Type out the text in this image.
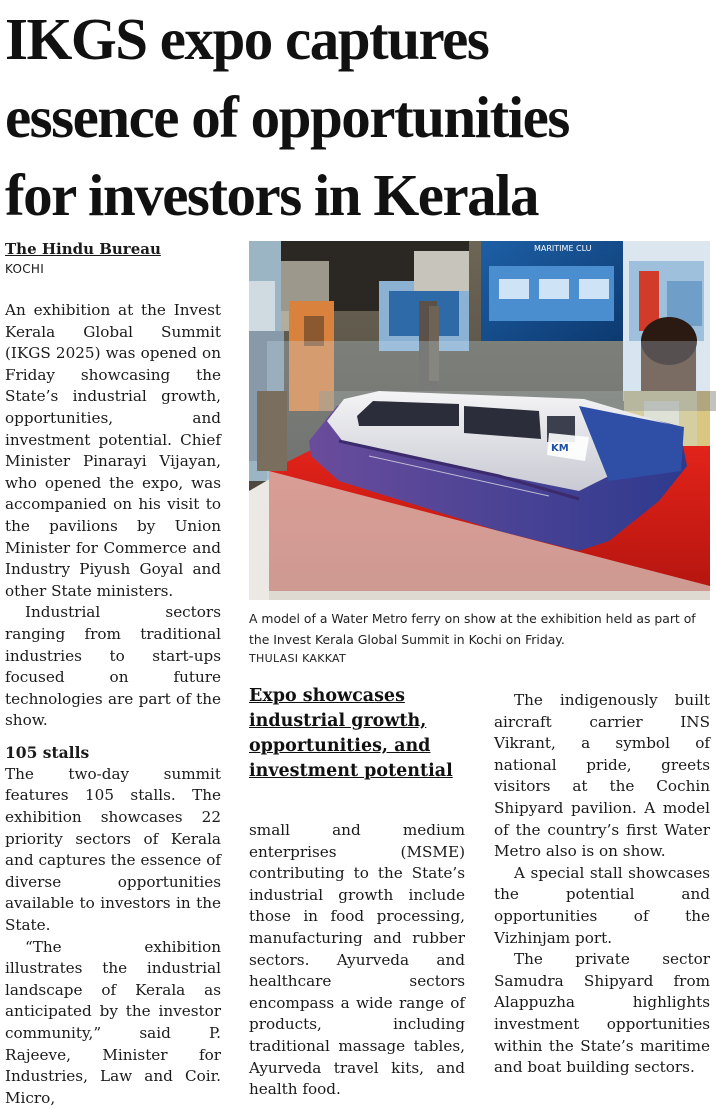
IKGS expo captures
essence of opportunities
for investors in Kerala
The Hindu Bureau
KOCHI

An exhibition at the Invest Kerala Global Summit (IKGS 2025) was opened on Friday showcasing the State’s industrial growth, opportunities, and investment potential. Chief Minister Pinarayi Vijayan, who opened the expo, was accompanied on his visit to the pavilions by Union Minister for Commerce and Industry Piyush Goyal and other State ministers.

Industrial sectors ranging from traditional industries to start-ups focused on future technologies are part of the show.

105 stalls

The two-day summit features 105 stalls. The exhibition showcases 22 priority sectors of Kerala and captures the essence of diverse opportunities available to investors in the State.

“The exhibition illustrates the industrial landscape of Kerala as anticipated by the investor community,” said P. Rajeeve, Minister for Industries, Law and Coir. Micro,

MARITIME CLU
KM
A model of a Water Metro ferry on show at the exhibition held as part of the Invest Kerala Global Summit in Kochi on Friday.
THULASI KAKKAT
Expo showcases industrial growth, opportunities, and investment potential

small and medium enterprises (MSME) contributing to the State’s industrial growth include those in food processing, manufacturing and rubber sectors. Ayurveda and healthcare sectors encompass a wide range of products, including traditional massage tables, Ayurveda travel kits, and health food.

The indigenously built aircraft carrier INS Vikrant, a symbol of national pride, greets visitors at the Cochin Shipyard pavilion. A model of the country’s first Water Metro also is on show.

A special stall showcases the potential and opportunities of the Vizhinjam port.

The private sector Samudra Shipyard from Alappuzha highlights investment opportunities within the State’s maritime and boat building sectors.
